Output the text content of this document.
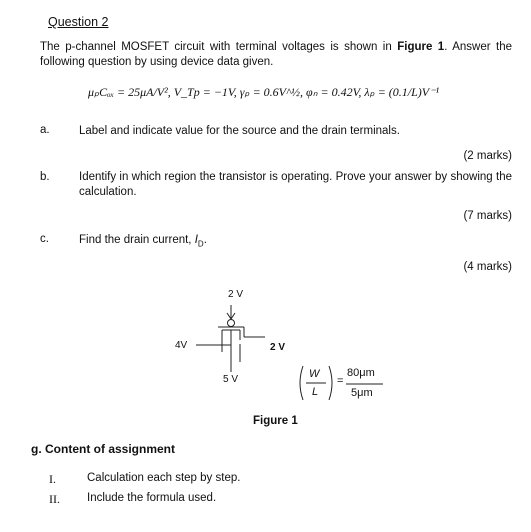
Question 2
The p-channel MOSFET circuit with terminal voltages is shown in Figure 1. Answer the following question by using device data given.
μₚCₒₓ = 25μA/V², V_Tp = −1V, γₚ = 0.6V^½, φₙ = 0.42V, λₚ = (0.1/L)V⁻¹
a.	Label and indicate value for the source and the drain terminals.
(2 marks)
b.	Identify in which region the transistor is operating. Prove your answer by showing the calculation.
(7 marks)
c.	Find the drain current, $I_D$.
(4 marks)
2 V
4V	2 V
5 V	W
L
=
80μm
5μm
Figure 1
g. Content of assignment
I.	Calculation each step by step.
II. Include the formula used.
